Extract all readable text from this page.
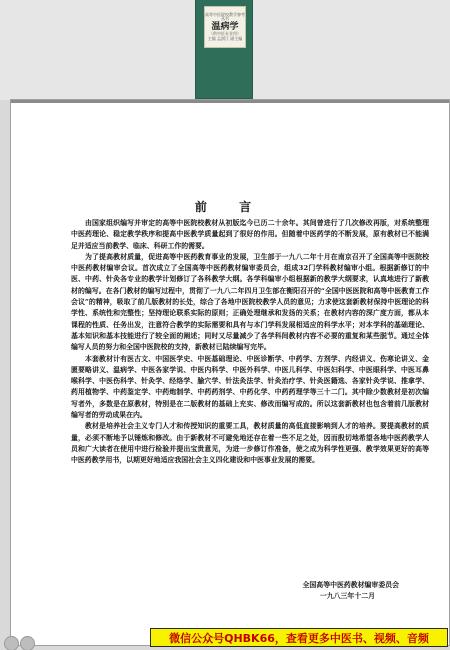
高等中医院校教学参考丛书
温病学
（供中医专业用）
主编 孟澍江 副主编
前 言

由国家组织编写并审定的高等中医院校教材从初版迄今已历二十余年。其间曾进行了几次修改再版，对系统整理中医药理论、稳定教学秩序和提高中医教学质量起到了很好的作用。但随着中医药学的不断发展，原有教材已不能满足并适应当前教学、临床、科研工作的需要。

为了提高教材质量，促进高等中医药教育事业的发展，卫生部于一九八二年十月在南京召开了全国高等中医院校中医药教材编审会议。首次成立了全国高等中医药教材编审委员会，组成32门学科教材编审小组。根据新修订的中医、中药、针灸各专业的教学计划修订了各科教学大纲。各学科编审小组根据新的教学大纲要求，认真地进行了新教材的编写。在各门教材的编写过程中，贯彻了一九八二年四月卫生部在衡阳召开的“全国中医医院和高等中医教育工作会议”的精神，吸取了前几版教材的长处，综合了各地中医院校教学人员的意见；力求使这套新教材保持中医理论的科学性、系统性和完整性；坚持理论联系实际的原则；正确处理继承和发扬的关系；在教材内容的深广度方面，都从本课程的性质、任务出发，注意符合教学的实际需要和具有与本门学科发展相适应的科学水平；对本学科的基础理论、基本知识和基本技能进行了较全面的阐述；同时又尽量减少了各学科间教材内容不必要的重复和某些脱节。通过全体编写人员的努力和全国中医院校的支持，新教材已陆续编写完毕。

本套教材计有医古文、中国医学史、中医基础理论、中医诊断学、中药学、方剂学、内经讲义、伤寒论讲义、金匮要略讲义、温病学、中医各家学说、中医内科学、中医外科学、中医儿科学、中医妇科学、中医眼科学、中医耳鼻喉科学、中医伤科学、针灸学、经络学、腧穴学、针法灸法学、针灸治疗学、针灸医籍选、各家针灸学说、推拿学、药用植物学、中药鉴定学、中药炮制学、中药药剂学、中药化学、中药药理学等三十二门。其中除少数教材是初次编写者外，多数是在原教材，特别是在二版教材的基础上充实、修改而编写成的。所以这套新教材也包含着前几版教材编写者的劳动成果在内。

教材是培养社会主义专门人才和传授知识的重要工具，教材质量的高低直接影响到人才的培养。要提高教材的质量，必须不断地予以锤炼和修改。由于新教材不可避免地还存在着一些不足之处，因而殷切地希望各地中医药教学人员和广大读者在使用中进行检验并提出宝贵意见，为进一步修订作准备，使之成为科学性更强、教学效果更好的高等中医药教学用书，以期更好地适应我国社会主义四化建设和中医事业发展的需要。

全国高等中医药教材编审委员会
一九八三年十二月
微信公众号QHBK66，查看更多中医书、视频、音频
